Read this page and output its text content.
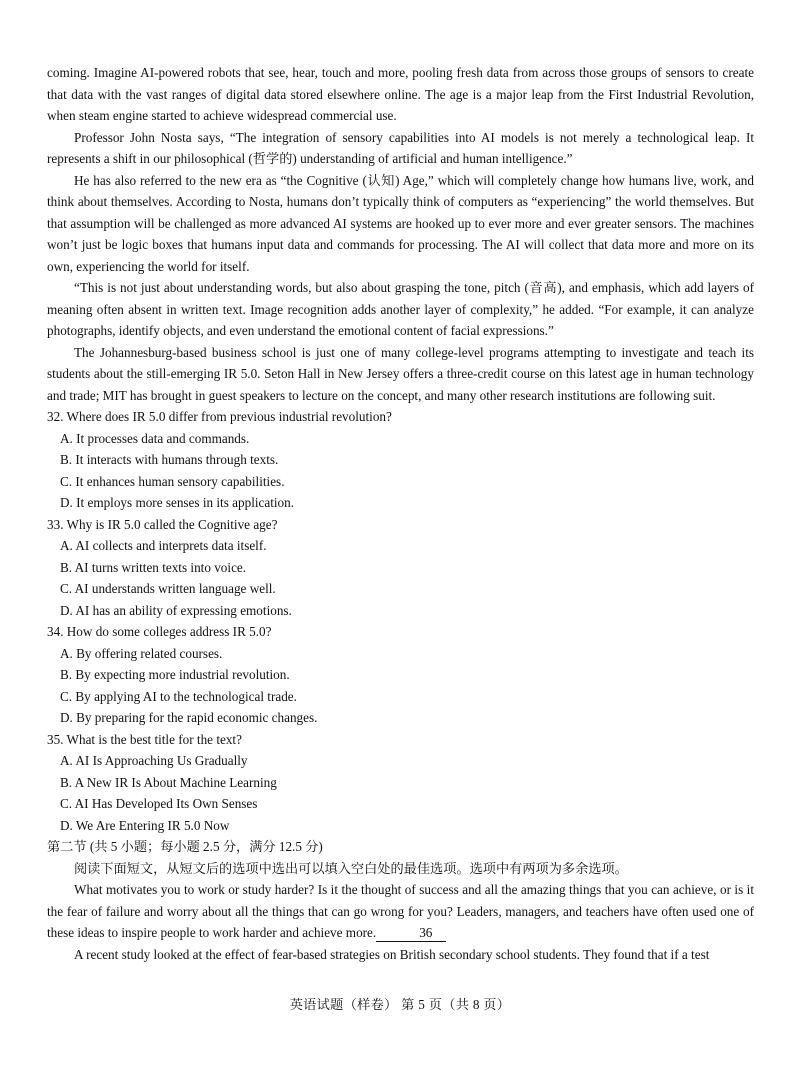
coming. Imagine AI-powered robots that see, hear, touch and more, pooling fresh data from across those groups of sensors to create that data with the vast ranges of digital data stored elsewhere online. The age is a major leap from the First Industrial Revolution, when steam engine started to achieve widespread commercial use.

Professor John Nosta says, “The integration of sensory capabilities into AI models is not merely a technological leap. It represents a shift in our philosophical (哲学的) understanding of artificial and human intelligence.”

He has also referred to the new era as “the Cognitive (认知) Age,” which will completely change how humans live, work, and think about themselves. According to Nosta, humans don’t typically think of computers as “experiencing” the world themselves. But that assumption will be challenged as more advanced AI systems are hooked up to ever more and ever greater sensors. The machines won’t just be logic boxes that humans input data and commands for processing. The AI will collect that data more and more on its own, experiencing the world for itself.

“This is not just about understanding words, but also about grasping the tone, pitch (音高), and emphasis, which add layers of meaning often absent in written text. Image recognition adds another layer of complexity,” he added. “For example, it can analyze photographs, identify objects, and even understand the emotional content of facial expressions.”

The Johannesburg-based business school is just one of many college-level programs attempting to investigate and teach its students about the still-emerging IR 5.0. Seton Hall in New Jersey offers a three-credit course on this latest age in human technology and trade; MIT has brought in guest speakers to lecture on the concept, and many other research institutions are following suit.

32. Where does IR 5.0 differ from previous industrial revolution?

A. It processes data and commands.

B. It interacts with humans through texts.

C. It enhances human sensory capabilities.

D. It employs more senses in its application.

33. Why is IR 5.0 called the Cognitive age?

A. AI collects and interprets data itself.

B. AI turns written texts into voice.

C. AI understands written language well.

D. AI has an ability of expressing emotions.

34. How do some colleges address IR 5.0?

A. By offering related courses.

B. By expecting more industrial revolution.

C. By applying AI to the technological trade.

D. By preparing for the rapid economic changes.

35. What is the best title for the text?

A. AI Is Approaching Us Gradually

B. A New IR Is About Machine Learning

C. AI Has Developed Its Own Senses

D. We Are Entering IR 5.0 Now

第二节 (共 5 小题；每小题 2.5 分，满分 12.5 分)

阅读下面短文，从短文后的选项中选出可以填入空白处的最佳选项。选项中有两项为多余选项。

What motivates you to work or study harder? Is it the thought of success and all the amazing things that you can achieve, or is it the fear of failure and worry about all the things that can go wrong for you? Leaders, managers, and teachers have often used one of these ideas to inspire people to work harder and achieve more.	36

A recent study looked at the effect of fear-based strategies on British secondary school students. They found that if a test

英语试题（样卷） 第 5 页（共 8 页）
